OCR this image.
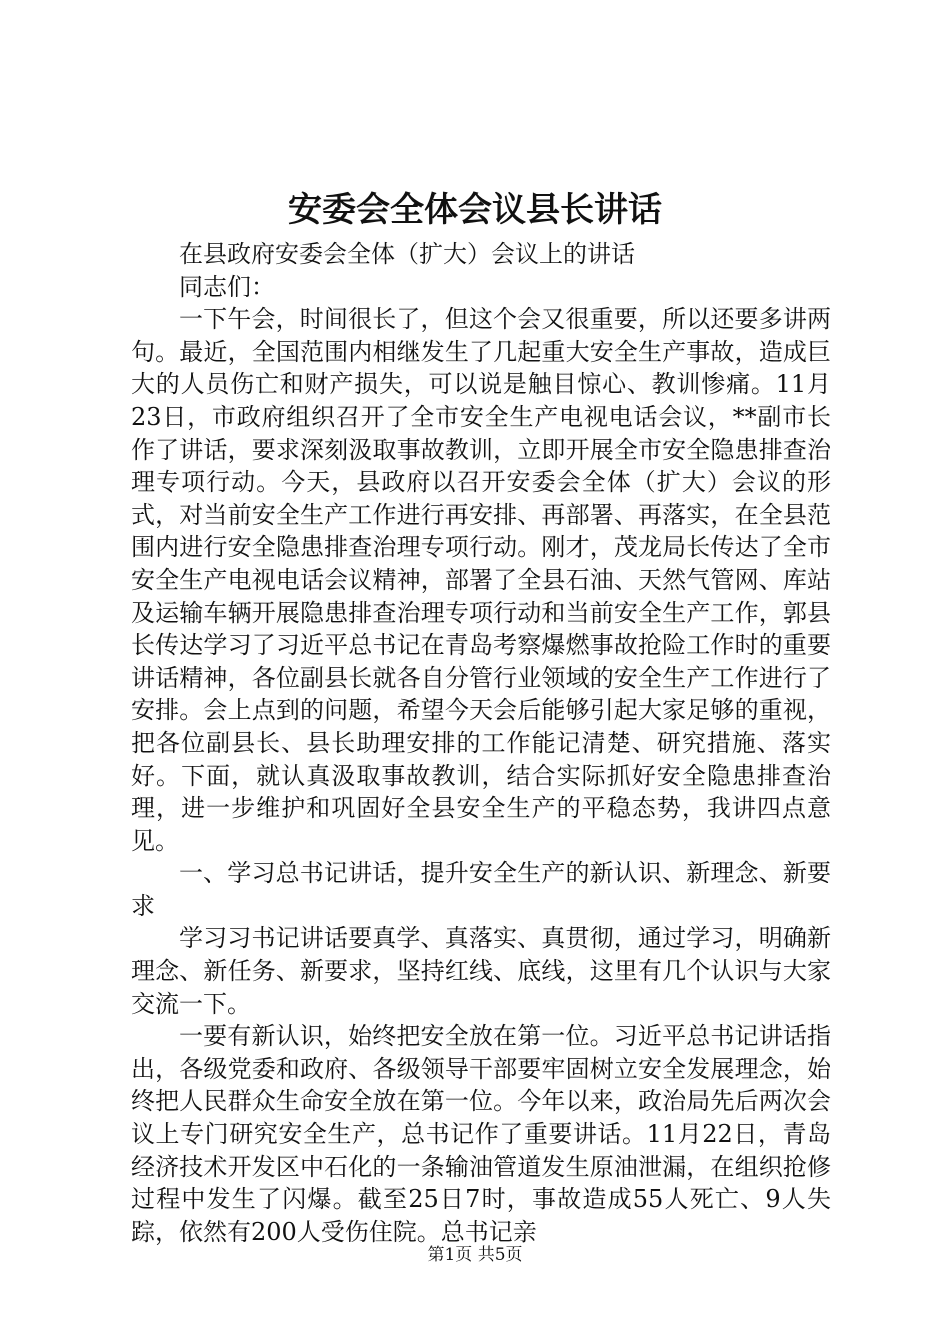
安委会全体会议县长讲话

在县政府安委会全体（扩大）会议上的讲话

同志们：

一下午会，时间很长了，但这个会又很重要，所以还要多讲两句。最近，全国范围内相继发生了几起重大安全生产事故，造成巨大的人员伤亡和财产损失，可以说是触目惊心、教训惨痛。11月23日，市政府组织召开了全市安全生产电视电话会议，**副市长作了讲话，要求深刻汲取事故教训，立即开展全市安全隐患排查治理专项行动。今天，县政府以召开安委会全体（扩大）会议的形式，对当前安全生产工作进行再安排、再部署、再落实，在全县范围内进行安全隐患排查治理专项行动。刚才，茂龙局长传达了全市安全生产电视电话会议精神，部署了全县石油、天然气管网、库站及运输车辆开展隐患排查治理专项行动和当前安全生产工作，郭县长传达学习了习近平总书记在青岛考察爆燃事故抢险工作时的重要讲话精神，各位副县长就各自分管行业领域的安全生产工作进行了安排。会上点到的问题，希望今天会后能够引起大家足够的重视，把各位副县长、县长助理安排的工作能记清楚、研究措施、落实好。下面，就认真汲取事故教训，结合实际抓好安全隐患排查治理，进一步维护和巩固好全县安全生产的平稳态势，我讲四点意见。

一、学习总书记讲话，提升安全生产的新认识、新理念、新要求

学习习书记讲话要真学、真落实、真贯彻，通过学习，明确新理念、新任务、新要求，坚持红线、底线，这里有几个认识与大家交流一下。

一要有新认识，始终把安全放在第一位。习近平总书记讲话指出，各级党委和政府、各级领导干部要牢固树立安全发展理念，始终把人民群众生命安全放在第一位。今年以来，政治局先后两次会议上专门研究安全生产，总书记作了重要讲话。11月22日，青岛经济技术开发区中石化的一条输油管道发生原油泄漏，在组织抢修过程中发生了闪爆。截至25日7时，事故造成55人死亡、9人失踪，依然有200人受伤住院。总书记亲

第1页 共5页
